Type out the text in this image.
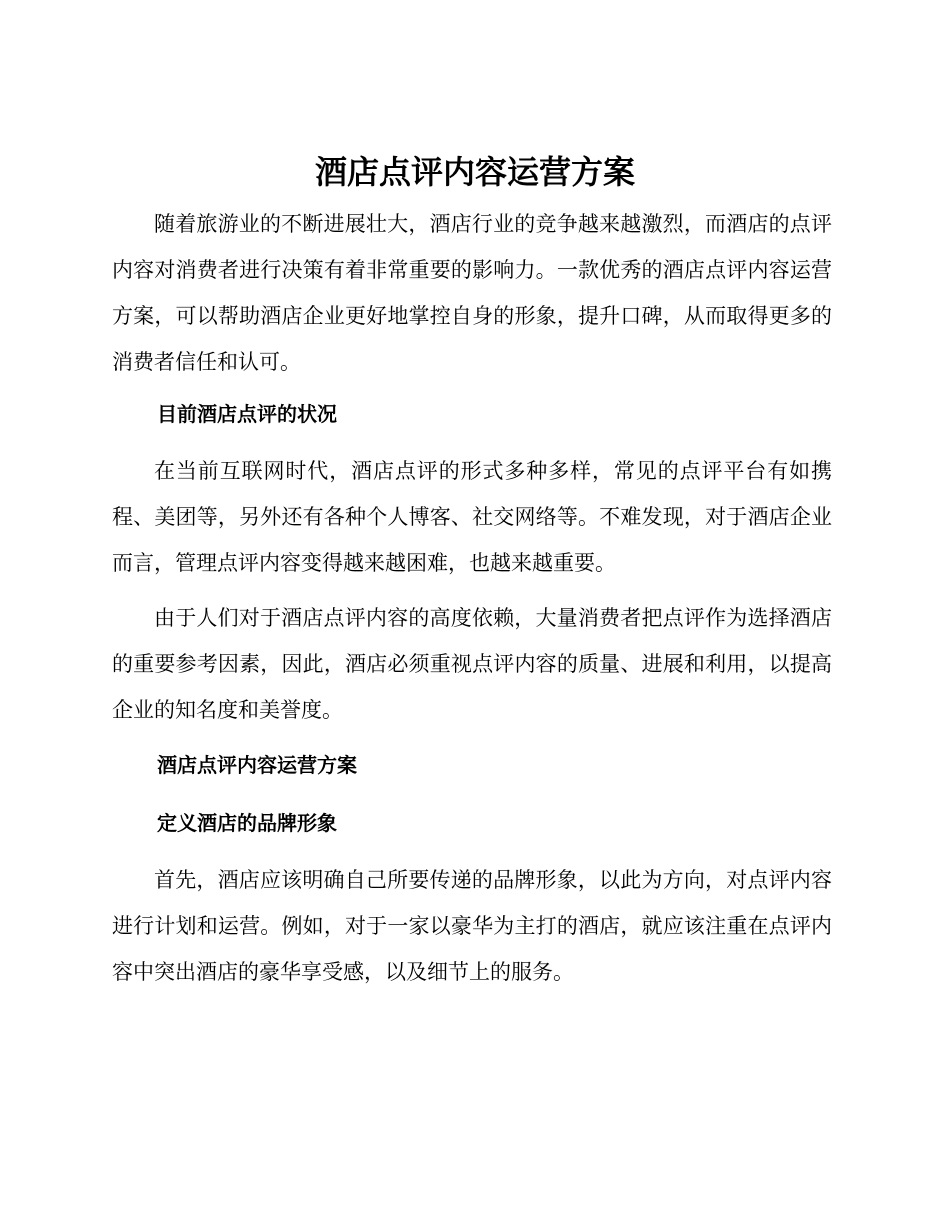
酒店点评内容运营方案

随着旅游业的不断进展壮大，酒店行业的竞争越来越激烈，而酒店的点评内容对消费者进行决策有着非常重要的影响力。一款优秀的酒店点评内容运营方案，可以帮助酒店企业更好地掌控自身的形象，提升口碑，从而取得更多的消费者信任和认可。

目前酒店点评的状况

在当前互联网时代，酒店点评的形式多种多样，常见的点评平台有如携程、美团等，另外还有各种个人博客、社交网络等。不难发现，对于酒店企业而言，管理点评内容变得越来越困难，也越来越重要。

由于人们对于酒店点评内容的高度依赖，大量消费者把点评作为选择酒店的重要参考因素，因此，酒店必须重视点评内容的质量、进展和利用，以提高企业的知名度和美誉度。

酒店点评内容运营方案
定义酒店的品牌形象

首先，酒店应该明确自己所要传递的品牌形象，以此为方向，对点评内容进行计划和运营。例如，对于一家以豪华为主打的酒店，就应该注重在点评内容中突出酒店的豪华享受感，以及细节上的服务。
